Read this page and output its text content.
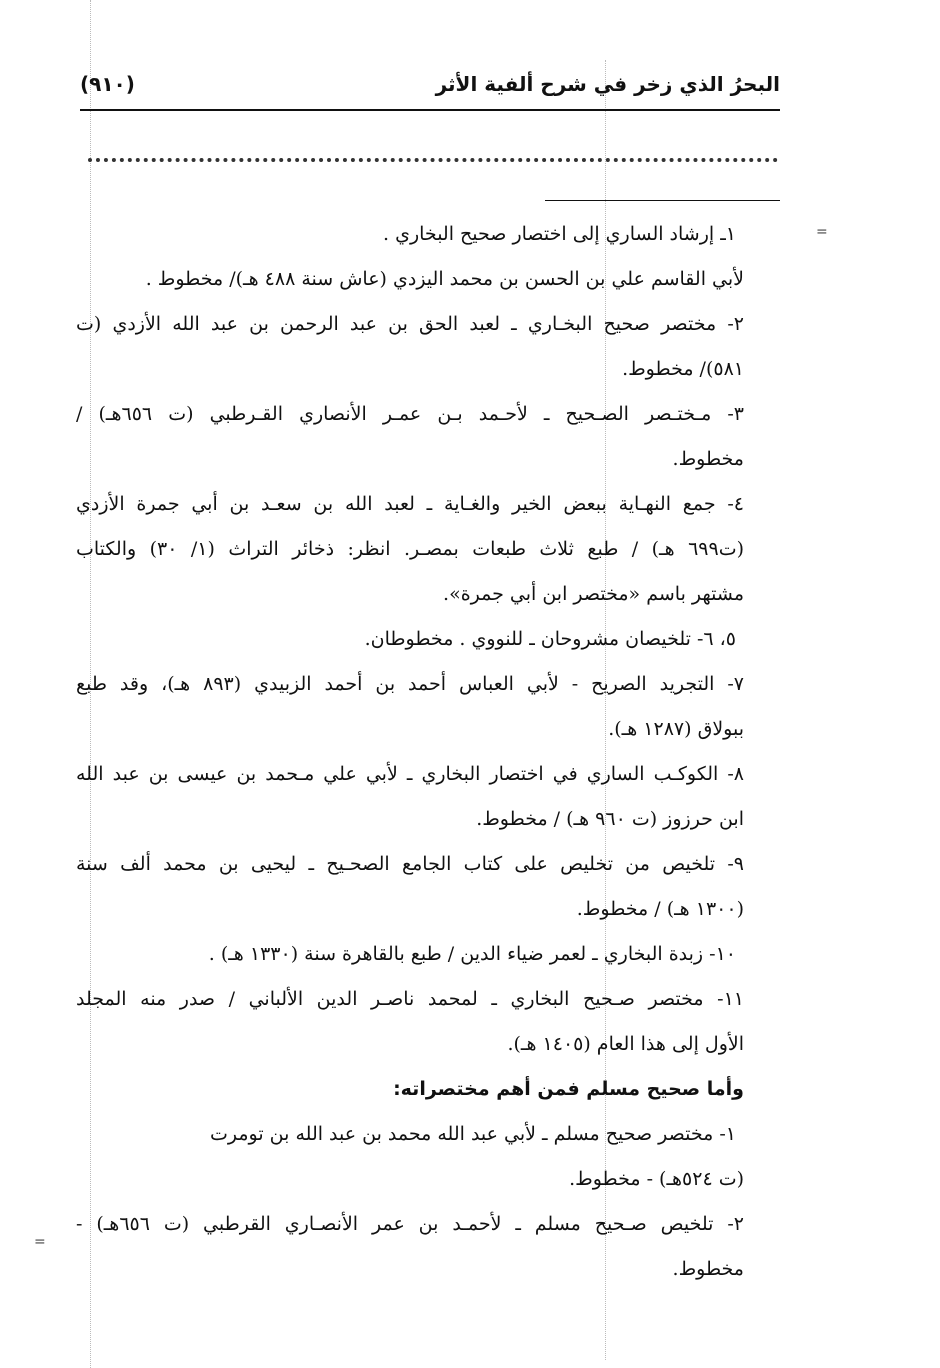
البحرُ الذي زخر في شرح ألفية الأثر
(٩١٠)
=
=
١ـ إرشاد الساري إلى اختصار صحيح البخاري .
لأبي القاسم علي بن الحسن بن محمد اليزدي (عاش سنة ٤٨٨ هـ)/ مخطوط .
٢- مختصر صحيح البخـاري ـ لعبد الحق بن عبد الرحمن بن عبد الله الأزدي (ت
٥٨١)/ مخطوط.
٣- مـختـصر الصـحيح ـ لأحـمد بـن عمـر الأنصاري القـرطبي (ت ٦٥٦هـ) /
مخطوط.
٤- جمع النهـاية ببعض الخير والغـاية ـ لعبد الله بن سعـد بن أبي جمرة الأزدي
(ت٦٩٩ هـ) / طبع ثلاث طبعات بمصـر. انظر: ذخائر التراث (١/ ٣٠) والكتاب
مشتهر باسم «مختصر ابن أبي جمرة».
٥، ٦- تلخيصان مشروحان ـ للنووي . مخطوطان.
٧- التجريد الصريح - لأبي العباس أحمد بن أحمد الزبيدي (٨٩٣ هـ)، وقد طبع
ببولاق (١٢٨٧ هـ).
٨- الكوكـب الساري في اختصار البخاري ـ لأبي علي مـحمد بن عيسى بن عبد الله
ابن حرزوز (ت ٩٦٠ هـ) / مخطوط.
٩- تلخيص من تخليص على كتاب الجامع الصحـيح ـ ليحيى بن محمد ألف سنة
(١٣٠٠ هـ) / مخطوط.
١٠- زبدة البخاري ـ لعمر ضياء الدين / طبع بالقاهرة سنة (١٣٣٠ هـ) .
١١- مختصر صـحيح البخاري ـ لمحمد ناصـر الدين الألباني / صدر منه المجلد
الأول إلى هذا العام (١٤٠٥ هـ).
وأما صحيح مسلم فمن أهم مختصراته:
١- مختصر صحيح مسلم ـ لأبي عبد الله محمد بن عبد الله بن تومرت
(ت ٥٢٤هـ) - مخطوط.
٢- تلخيص صـحيح مسلم ـ لأحمـد بن عمر الأنصـاري القرطبي (ت ٦٥٦هـ) -
مخطوط.
